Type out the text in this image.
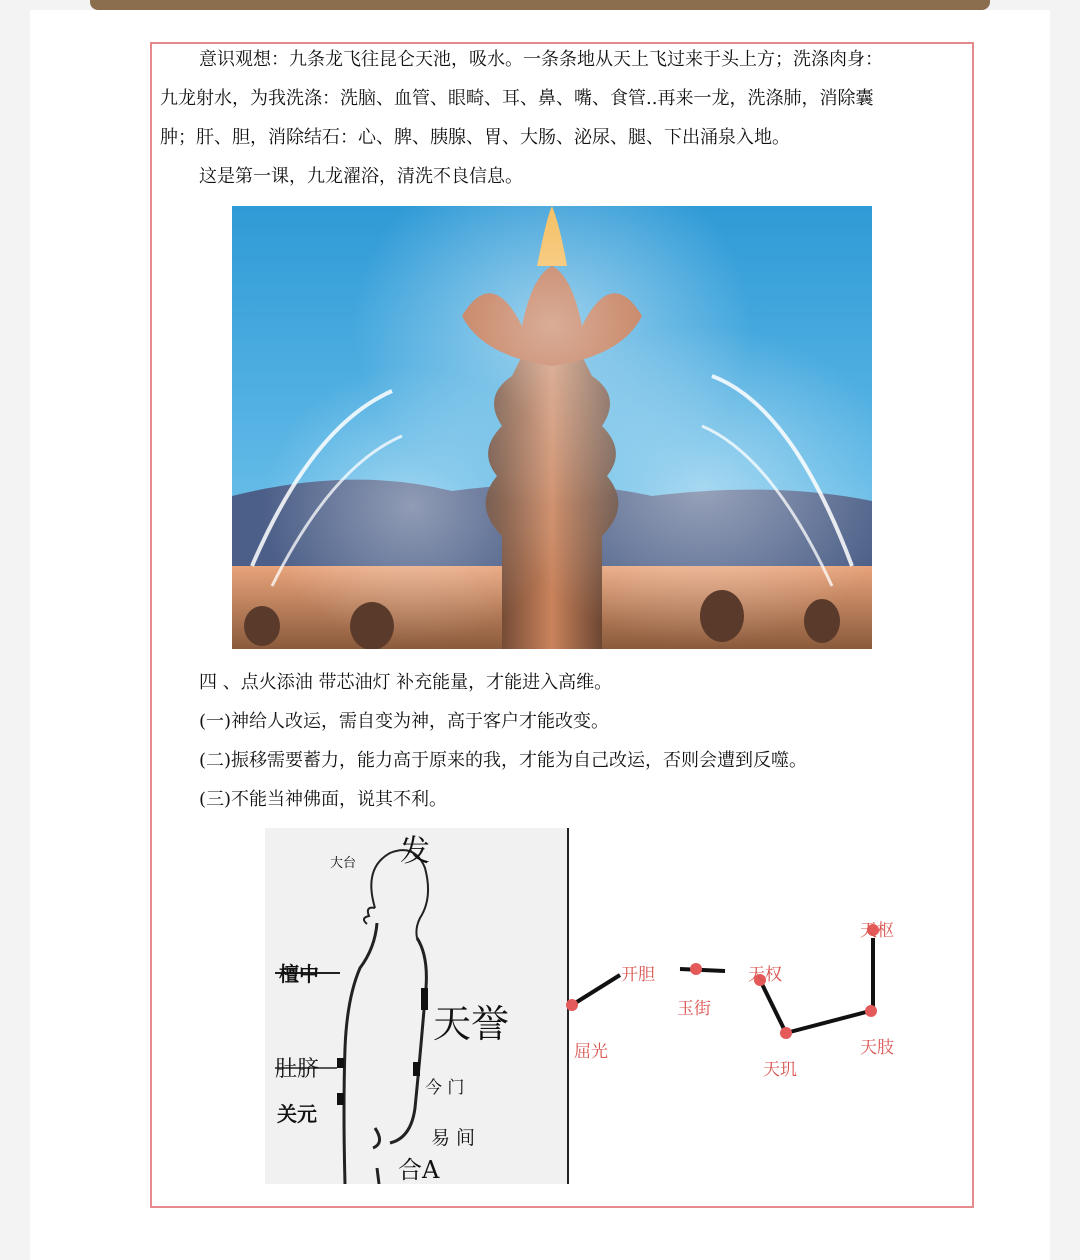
意识观想：九条龙飞往昆仑天池，吸水。一条条地从天上飞过来于头上方；洗涤肉身：
九龙射水，为我洗涤：洗脑、血管、眼畸、耳、鼻、嘴、食管..再来一龙，洗涤肺，消除囊
肿；肝、胆，消除结石：心、脾、胰腺、胃、大肠、泌尿、腿、下出涌泉入地。
这是第一课，九龙濯浴，清洗不良信息。
四 、点火添油 带芯油灯 补充能量，才能进入高维。
(一)神给人改运，需自变为神，高于客户才能改变。
(二)振移需要蓄力，能力高于原来的我，才能为自己改运，否则会遭到反噬。
(三)不能当神佛面，说其不利。
发
大台
檀中
天誉
肚脐
今 门
关元
易 间
合A
屈光
开胆
玉街
天权
天玑
天肢
天枢
